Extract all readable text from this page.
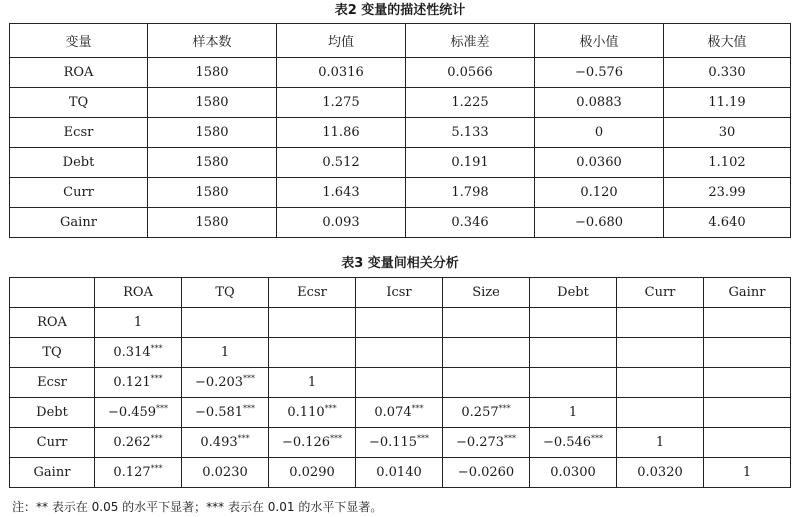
表2 变量的描述性统计
变量	样本数	均值	标准差	极小值	极大值
ROA	1580	0.0316	0.0566	−0.576	0.330
TQ	1580	1.275	1.225	0.0883	11.19
Ecsr	1580	11.86	5.133	0	30
Debt	1580	0.512	0.191	0.0360	1.102
Curr	1580	1.643	1.798	0.120	23.99
Gainr	1580	0.093	0.346	−0.680	4.640
表3 变量间相关分析
	ROA	TQ	Ecsr	Icsr	Size	Debt	Curr	Gainr
ROA	1							
TQ	0.314***	1						
Ecsr	0.121***	−0.203***	1					
Debt	−0.459***	−0.581***	0.110***	0.074***	0.257***	1		
Curr	0.262***	0.493***	−0.126***	−0.115***	−0.273***	−0.546***	1	
Gainr	0.127***	0.0230	0.0290	0.0140	−0.0260	0.0300	0.0320	1
注：** 表示在 0.05 的水平下显著；*** 表示在 0.01 的水平下显著。
